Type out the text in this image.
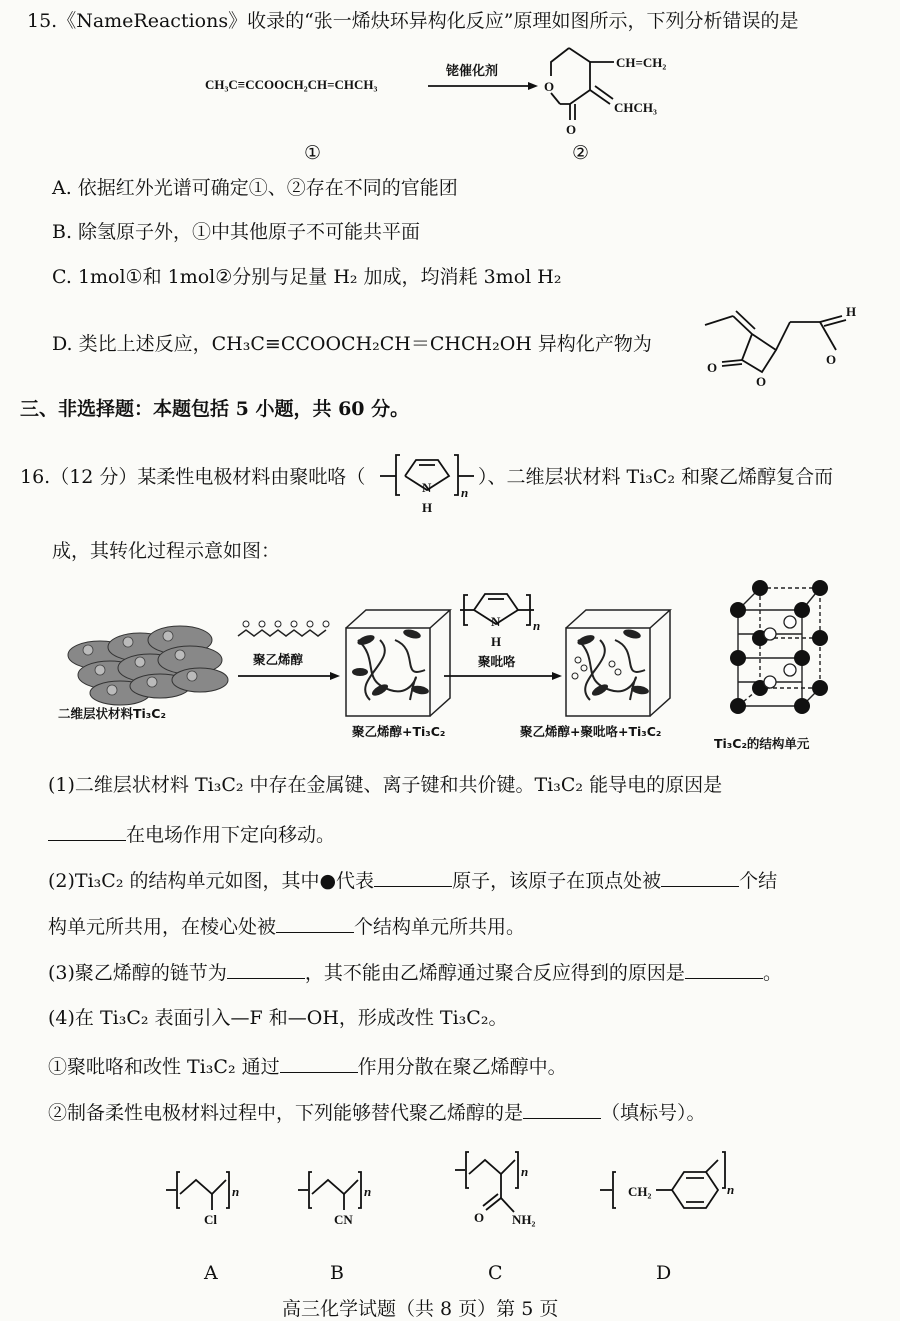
15.《NameReactions》收录的“张一烯炔环异构化反应”原理如图所示，下列分析错误的是
CH₃C≡CCOOCH₂CH=CHCH₃
铑催化剂
O
O
CH=CH₂
CHCH₃
①	②
A. 依据红外光谱可确定①、②存在不同的官能团
B. 除氢原子外，①中其他原子不可能共平面
C. 1mol①和 1mol②分别与足量 H₂ 加成，均消耗 3mol H₂
D. 类比上述反应，CH₃C≡CCOOCH₂CH＝CHCH₂OH 异构化产物为
O
O
O
H
三、非选择题：本题包括 5 小题，共 60 分。
16.（12 分）某柔性电极材料由聚吡咯（	N
H
n
）、二维层状材料 Ti₃C₂ 和聚乙烯醇复合而
成，其转化过程示意如图：
二维层状材料Ti₃C₂
聚乙烯醇
聚乙烯醇+Ti₃C₂
N
H
n
聚吡咯
聚乙烯醇+聚吡咯+Ti₃C₂
Ti₃C₂的结构单元
(1)二维层状材料 Ti₃C₂ 中存在金属键、离子键和共价键。Ti₃C₂ 能导电的原因是
在电场作用下定向移动。
(2)Ti₃C₂ 的结构单元如图，其中●代表	原子，该原子在顶点处被	个结
构单元所共用，在棱心处被	个结构单元所共用。
(3)聚乙烯醇的链节为	，其不能由乙烯醇通过聚合反应得到的原因是	。
(4)在 Ti₃C₂ 表面引入—F 和—OH，形成改性 Ti₃C₂。
①聚吡咯和改性 Ti₃C₂ 通过	作用分散在聚乙烯醇中。
②制备柔性电极材料过程中，下列能够替代聚乙烯醇的是	（填标号）。
Cl
n
CN
n
O NH₂
n
CH₂	n
A	B	C	D
高三化学试题（共 8 页）第 5 页
